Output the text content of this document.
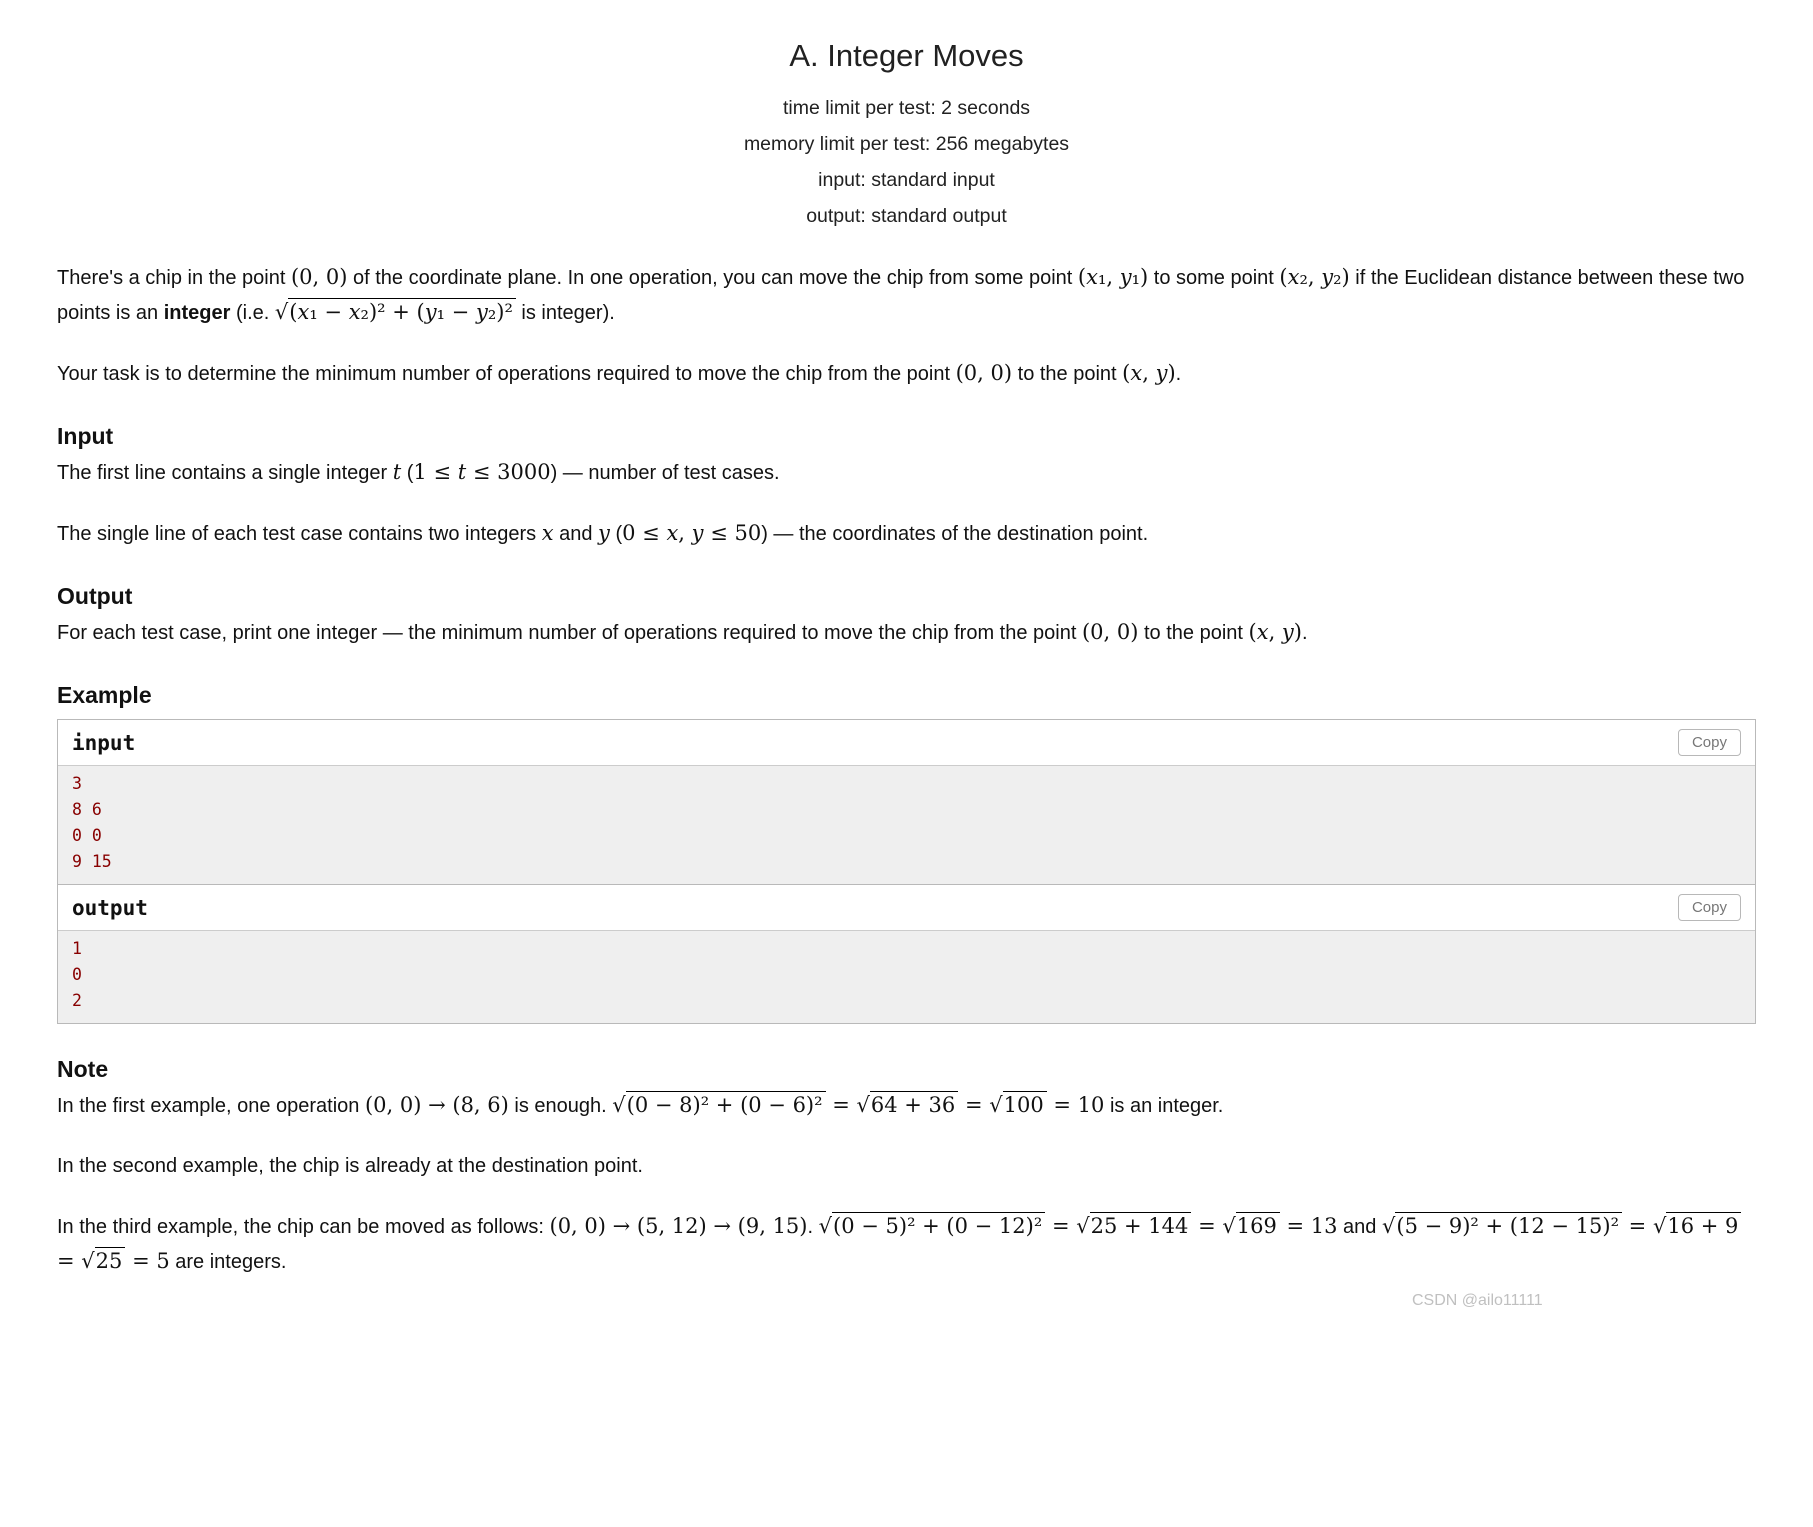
A. Integer Moves
time limit per test: 2 seconds
memory limit per test: 256 megabytes
input: standard input
output: standard output

There's a chip in the point (0, 0) of the coordinate plane. In one operation, you can move the chip from some point (x₁, y₁) to some point (x₂, y₂) if the Euclidean distance between these two points is an integer (i.e. √(x₁ − x₂)² + (y₁ − y₂)² is integer).

Your task is to determine the minimum number of operations required to move the chip from the point (0, 0) to the point (x, y).

Input

The first line contains a single integer t (1 ≤ t ≤ 3000) — number of test cases.

The single line of each test case contains two integers x and y (0 ≤ x, y ≤ 50) — the coordinates of the destination point.

Output

For each test case, print one integer — the minimum number of operations required to move the chip from the point (0, 0) to the point (x, y).

Example
input	Copy
3
8 6
0 0
9 15
output	Copy
1
0
2
Note

In the first example, one operation (0, 0) → (8, 6) is enough. √(0 − 8)² + (0 − 6)² = √64 + 36 = √100 = 10 is an integer.

In the second example, the chip is already at the destination point.

In the third example, the chip can be moved as follows: (0, 0) → (5, 12) → (9, 15). √(0 − 5)² + (0 − 12)² = √25 + 144 = √169 = 13 and √(5 − 9)² + (12 − 15)² = √16 + 9 = √25 = 5 are integers.

CSDN @ailo11111
